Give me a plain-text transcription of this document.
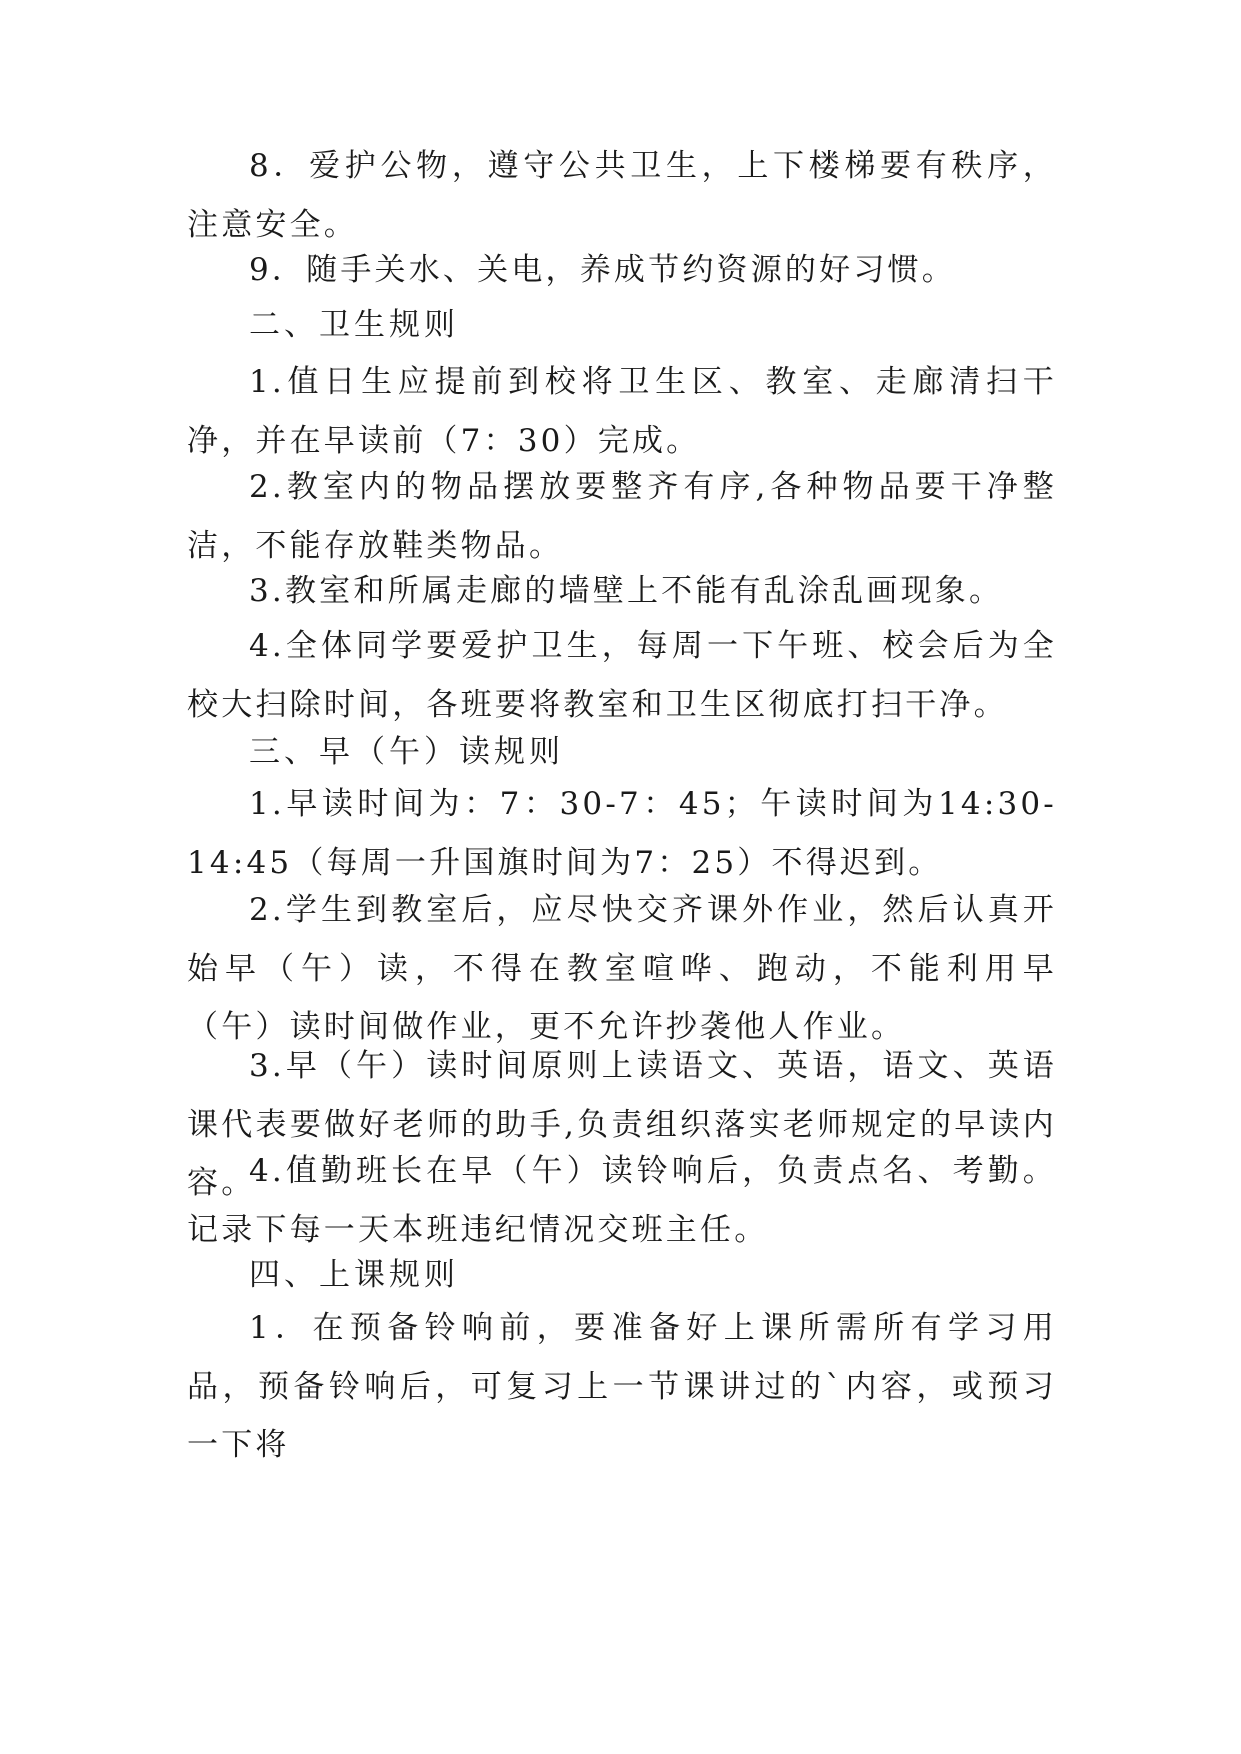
8．爱护公物，遵守公共卫生，上下楼梯要有秩序，注意安全。

9．随手关水、关电，养成节约资源的好习惯。

二、卫生规则

1.值日生应提前到校将卫生区、教室、走廊清扫干净，并在早读前（7：30）完成。

2.教室内的物品摆放要整齐有序,各种物品要干净整洁，不能存放鞋类物品。

3.教室和所属走廊的墙壁上不能有乱涂乱画现象。

4.全体同学要爱护卫生，每周一下午班、校会后为全校大扫除时间，各班要将教室和卫生区彻底打扫干净。

三、早（午）读规则

1.早读时间为：7：30-7：45；午读时间为14:30-14:45（每周一升国旗时间为7：25）不得迟到。

2.学生到教室后，应尽快交齐课外作业，然后认真开始早（午）读，不得在教室喧哗、跑动，不能利用早（午）读时间做作业，更不允许抄袭他人作业。

3.早（午）读时间原则上读语文、英语，语文、英语课代表要做好老师的助手,负责组织落实老师规定的早读内容。

4.值勤班长在早（午）读铃响后，负责点名、考勤。记录下每一天本班违纪情况交班主任。

四、上课规则

1．在预备铃响前，要准备好上课所需所有学习用品，预备铃响后，可复习上一节课讲过的`内容，或预习一下将
